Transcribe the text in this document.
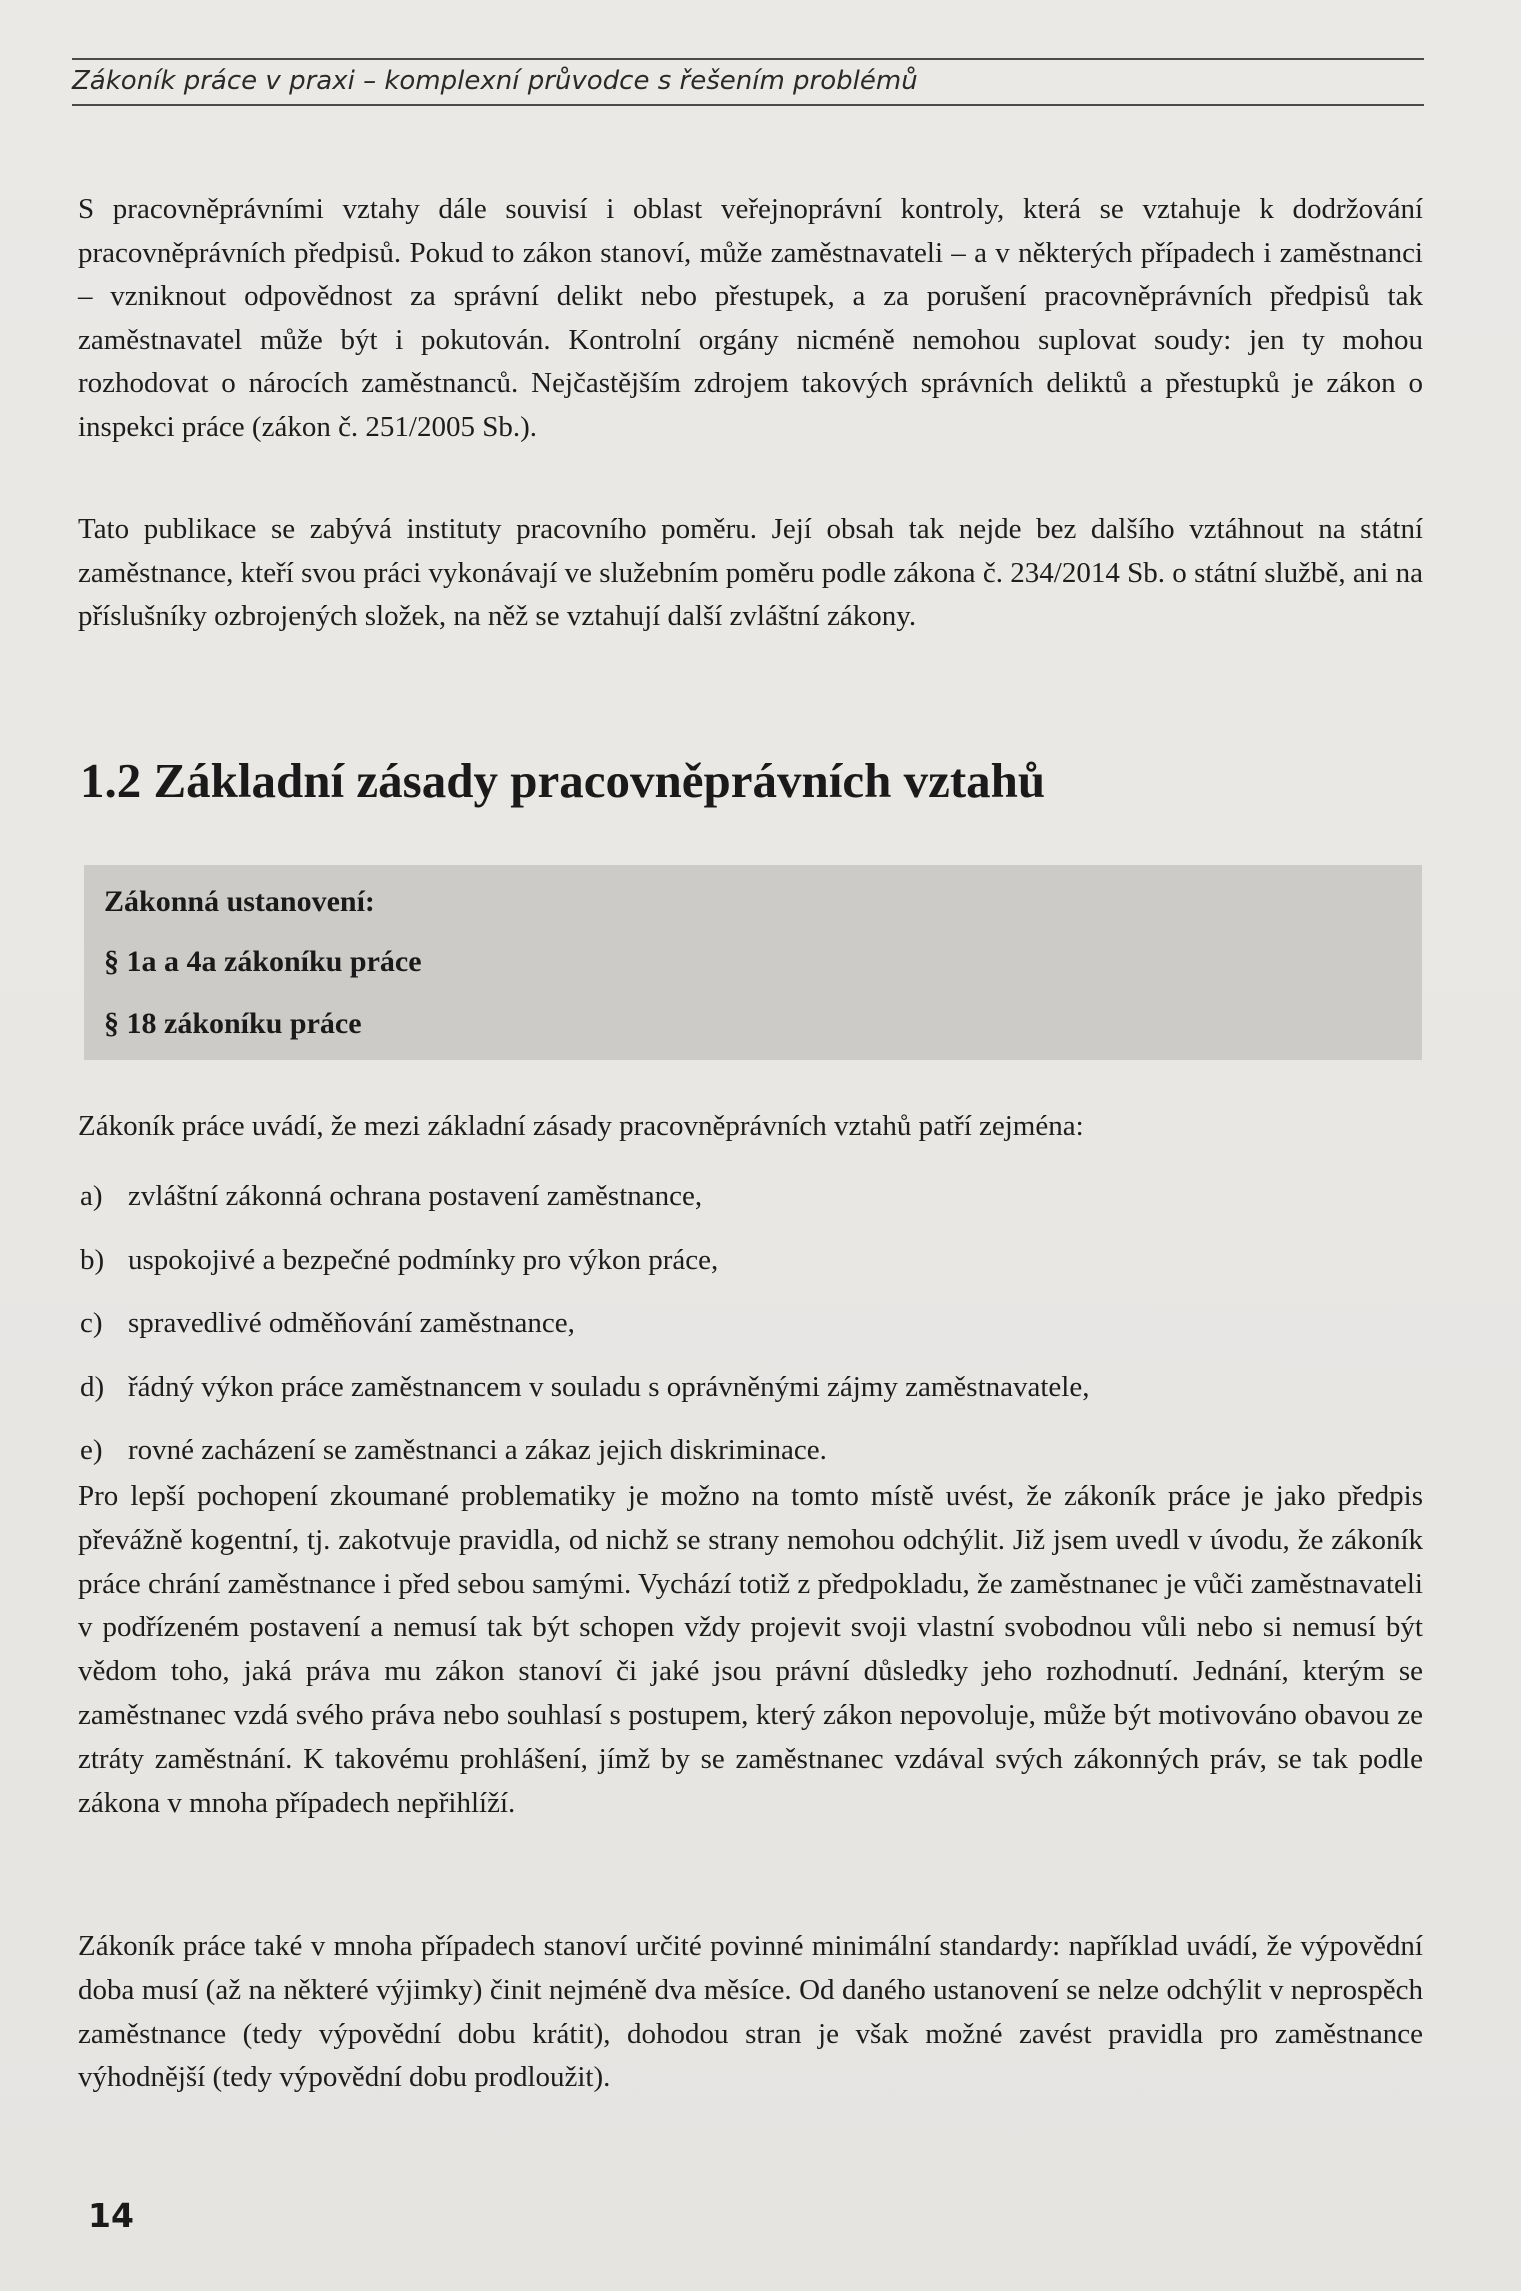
Zákoník práce v praxi – komplexní průvodce s řešením problémů

S pracovněprávními vztahy dále souvisí i oblast veřejnoprávní kontroly, která se vztahuje k dodržování pracovněprávních předpisů. Pokud to zákon stanoví, může zaměstnavateli – a v některých případech i zaměstnanci – vzniknout odpovědnost za správní delikt nebo přestupek, a za porušení pracovněprávních předpisů tak zaměstnavatel může být i pokutován. Kontrolní orgány nicméně nemohou suplovat soudy: jen ty mohou rozhodovat o nárocích zaměstnanců. Nejčastějším zdrojem takových správních deliktů a přestupků je zákon o inspekci práce (zákon č. 251/2005 Sb.).

Tato publikace se zabývá instituty pracovního poměru. Její obsah tak nejde bez dalšího vztáhnout na státní zaměstnance, kteří svou práci vykonávají ve služebním poměru podle zákona č. 234/2014 Sb. o státní službě, ani na příslušníky ozbrojených složek, na něž se vztahují další zvláštní zákony.

1.2 Základní zásady pracovněprávních vztahů
Zákonná ustanovení:
§ 1a a 4a zákoníku práce
§ 18 zákoníku práce

Zákoník práce uvádí, že mezi základní zásady pracovněprávních vztahů patří zejména:

a) zvláštní zákonná ochrana postavení zaměstnance,
b) uspokojivé a bezpečné podmínky pro výkon práce,
c) spravedlivé odměňování zaměstnance,
d) řádný výkon práce zaměstnancem v souladu s oprávněnými zájmy zaměstnavatele,
e) rovné zacházení se zaměstnanci a zákaz jejich diskriminace.

Pro lepší pochopení zkoumané problematiky je možno na tomto místě uvést, že zákoník práce je jako předpis převážně kogentní, tj. zakotvuje pravidla, od nichž se strany nemohou odchýlit. Již jsem uvedl v úvodu, že zákoník práce chrání zaměstnance i před sebou samými. Vychází totiž z předpokladu, že zaměstnanec je vůči zaměstnavateli v podřízeném postavení a nemusí tak být schopen vždy projevit svoji vlastní svobodnou vůli nebo si nemusí být vědom toho, jaká práva mu zákon stanoví či jaké jsou právní důsledky jeho rozhodnutí. Jednání, kterým se zaměstnanec vzdá svého práva nebo souhlasí s postupem, který zákon nepovoluje, může být motivováno obavou ze ztráty zaměstnání. K takovému prohlášení, jímž by se zaměstnanec vzdával svých zákonných práv, se tak podle zákona v mnoha případech nepřihlíží.

Zákoník práce také v mnoha případech stanoví určité povinné minimální standardy: například uvádí, že výpovědní doba musí (až na některé výjimky) činit nejméně dva měsíce. Od daného ustanovení se nelze odchýlit v neprospěch zaměstnance (tedy výpovědní dobu krátit), dohodou stran je však možné zavést pravidla pro zaměstnance výhodnější (tedy výpovědní dobu prodloužit).

14
